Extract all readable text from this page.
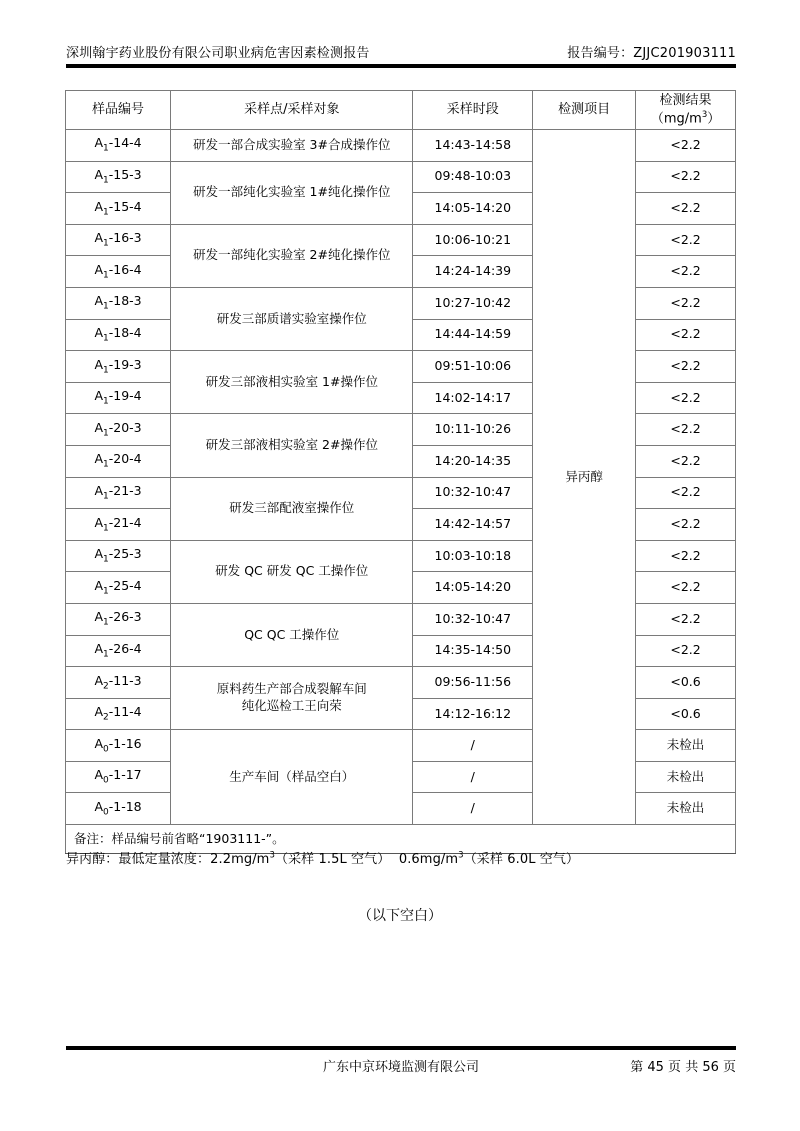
深圳翰宇药业股份有限公司职业病危害因素检测报告	报告编号：ZJJC201903111
样品编号	采样点/采样对象	采样时段	检测项目	检测结果
$(mg/m^3)$

$A_1-14-4$	研发一部合成实验室 3#合成操作位	14:43-14:58	异丙醇	<2.2
$A_1-15-3$	研发一部纯化实验室 1#纯化操作位	09:48-10:03		<2.2
$A_1-15-4$		14:05-14:20		<2.2
$A_1-16-3$	研发一部纯化实验室 2#纯化操作位	10:06-10:21		<2.2
$A_1-16-4$		14:24-14:39		<2.2
$A_1-18-3$	研发三部质谱实验室操作位	10:27-10:42		<2.2
$A_1-18-4$		14:44-14:59		<2.2
$A_1-19-3$	研发三部液相实验室 1#操作位	09:51-10:06		<2.2
$A_1-19-4$		14:02-14:17		<2.2
$A_1-20-3$	研发三部液相实验室 2#操作位	10:11-10:26		<2.2
$A_1-20-4$		14:20-14:35		<2.2
$A_1-21-3$	研发三部配液室操作位	10:32-10:47		<2.2
$A_1-21-4$		14:42-14:57		<2.2
$A_1-25-3$	研发 QC 研发 QC 工操作位	10:03-10:18		<2.2
$A_1-25-4$		14:05-14:20		<2.2
$A_1-26-3$	QC QC 工操作位	10:32-10:47		<2.2
$A_1-26-4$		14:35-14:50		<2.2
$A_2-11-3$	原料药生产部合成裂解车间
纯化巡检工王向荣	09:56-11:56		<0.6
$A_2-11-4$		14:12-16:12		<0.6
$A_0-1-16$	生产车间（样品空白）	/		未检出
$A_0-1-17$		/		未检出
$A_0-1-18$		/		未检出
备注：样品编号前省略“1903111-”。				
异丙醇：最低定量浓度：$2.2mg/m^3$（采样 1.5L 空气） $0.6mg/m^3$（采样 6.0L 空气）
（以下空白）
广东中京环境监测有限公司	第 45 页 共 56 页
